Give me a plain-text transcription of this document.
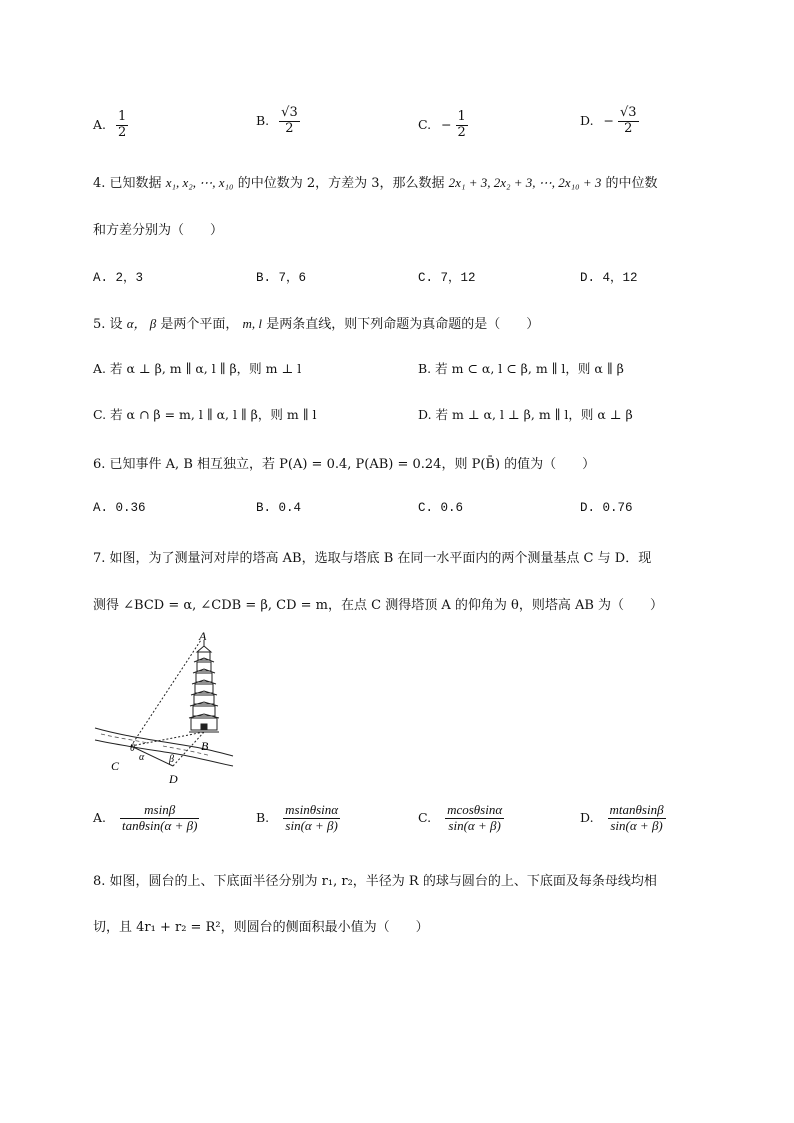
A. $\frac{1}{2}$	B. $\frac{√3}{2}$	C. − $\frac{1}{2}$	D. − $\frac{√3}{2}$
4. 已知数据 x₁, x₂, ⋯, x₁₀ 的中位数为 2，方差为 3，那么数据 2x₁ + 3, 2x₂ + 3, ⋯, 2x₁₀ + 3 的中位数
和方差分别为（　　）
A. 2，3	B. 7，6	C. 7，12	D. 4，12
5. 设 α， β 是两个平面， m, l 是两条直线，则下列命题为真命题的是（　　）
A. 若 α ⊥ β, m ∥ α, l ∥ β，则 m ⊥ l	B. 若 m ⊂ α, l ⊂ β, m ∥ l，则 α ∥ β
C. 若 α ∩ β = m, l ∥ α, l ∥ β，则 m ∥ l	D. 若 m ⊥ α, l ⊥ β, m ∥ l，则 α ⊥ β
6. 已知事件 A, B 相互独立，若 P(A) = 0.4, P(AB) = 0.24，则 P(B̄) 的值为（　　）
A. 0.36	B. 0.4	C. 0.6	D. 0.76
7. 如图，为了测量河对岸的塔高 AB，选取与塔底 B 在同一水平面内的两个测量基点 C 与 D．现
测得 ∠BCD = α, ∠CDB = β, CD = m，在点 C 测得塔顶 A 的仰角为 θ，则塔高 AB 为（　　）
A
B
C
D
θ
α β
A. $\frac{msin\beta}{\tan\theta\sin(\alpha + \beta)}$	B. $\frac{msin\theta\sin\alpha}{\sin(\alpha + \beta)}$	C. $\frac{mcos\theta\sin\alpha}{\sin(\alpha + \beta)}$	D. $\frac{mtan\theta\sin\beta}{\sin(\alpha + \beta)}$
8. 如图，圆台的上、下底面半径分别为 r₁, r₂，半径为 R 的球与圆台的上、下底面及每条母线均相
切，且 4r₁ + r₂ = R²，则圆台的侧面积最小值为（　　）
